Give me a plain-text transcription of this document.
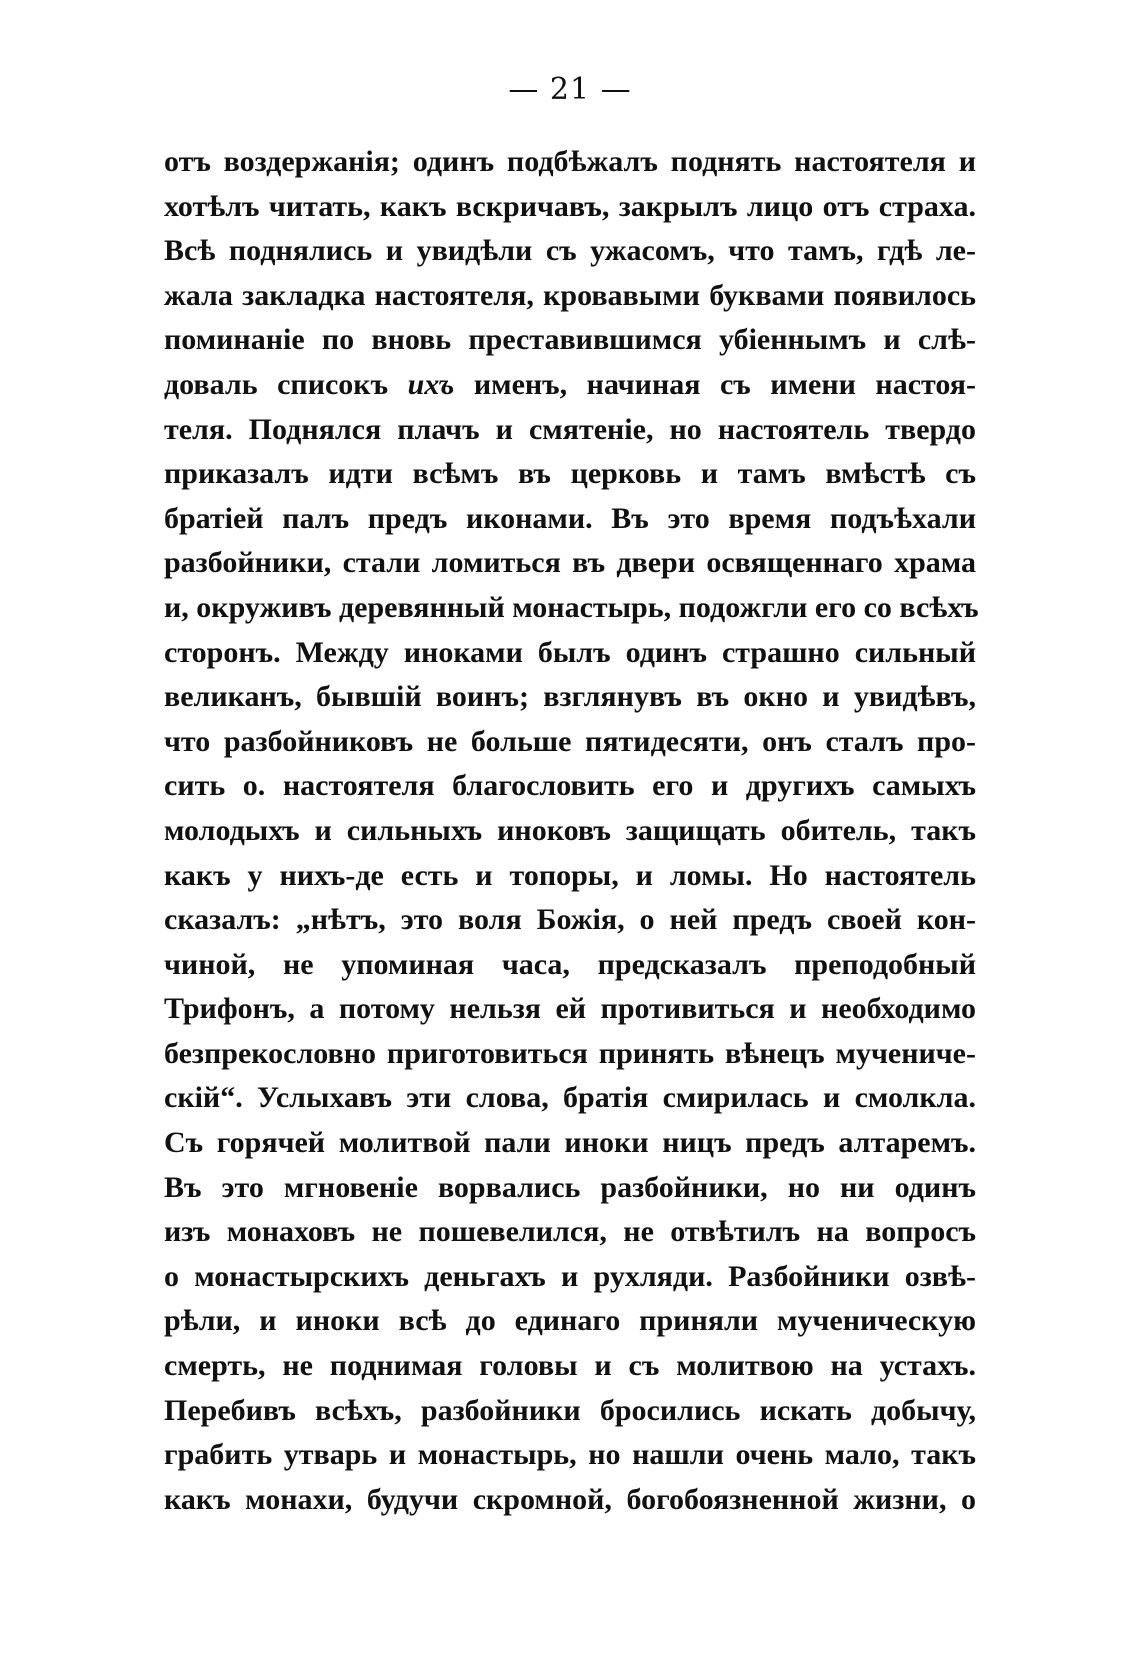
— 21 —
отъ воздержанія; одинъ подбѣжалъ поднять настоятеля и
хотѣлъ читать, какъ вскричавъ, закрылъ лицо отъ страха.
Всѣ поднялись и увидѣли съ ужасомъ, что тамъ, гдѣ ле-
жала закладка настоятеля, кровавыми буквами появилось
поминаніе по вновь преставившимся убіеннымъ и слѣ-
доваль списокъ ихъ именъ, начиная съ имени настоя-
теля. Поднялся плачъ и смятеніе, но настоятель твердо
приказалъ идти всѣмъ въ церковь и тамъ вмѣстѣ съ
братіей палъ предъ иконами. Въ это время подъѣхали
разбойники, стали ломиться въ двери освященнаго храма
и, окруживъ деревянный монастырь, подожгли его со всѣхъ
сторонъ. Между иноками былъ одинъ страшно сильный
великанъ, бывшій воинъ; взглянувъ въ окно и увидѣвъ,
что разбойниковъ не больше пятидесяти, онъ сталъ про-
сить о. настоятеля благословить его и другихъ самыхъ
молодыхъ и сильныхъ иноковъ защищать обитель, такъ
какъ у нихъ-де есть и топоры, и ломы. Но настоятель
сказалъ: „нѣтъ, это воля Божія, о ней предъ своей кон-
чиной, не упоминая часа, предсказалъ преподобный
Трифонъ, а потому нельзя ей противиться и необходимо
безпрекословно приготовиться принять вѣнецъ мучениче-
скій“. Услыхавъ эти слова, братія смирилась и смолкла.
Съ горячей молитвой пали иноки ницъ предъ алтаремъ.
Въ это мгновеніе ворвались разбойники, но ни одинъ
изъ монаховъ не пошевелился, не отвѣтилъ на вопросъ
о монастырскихъ деньгахъ и рухляди. Разбойники озвѣ-
рѣли, и иноки всѣ до единаго приняли мученическую
смерть, не поднимая головы и съ молитвою на устахъ.
Перебивъ всѣхъ, разбойники бросились искать добычу,
грабить утварь и монастырь, но нашли очень мало, такъ
какъ монахи, будучи скромной, богобоязненной жизни, о
